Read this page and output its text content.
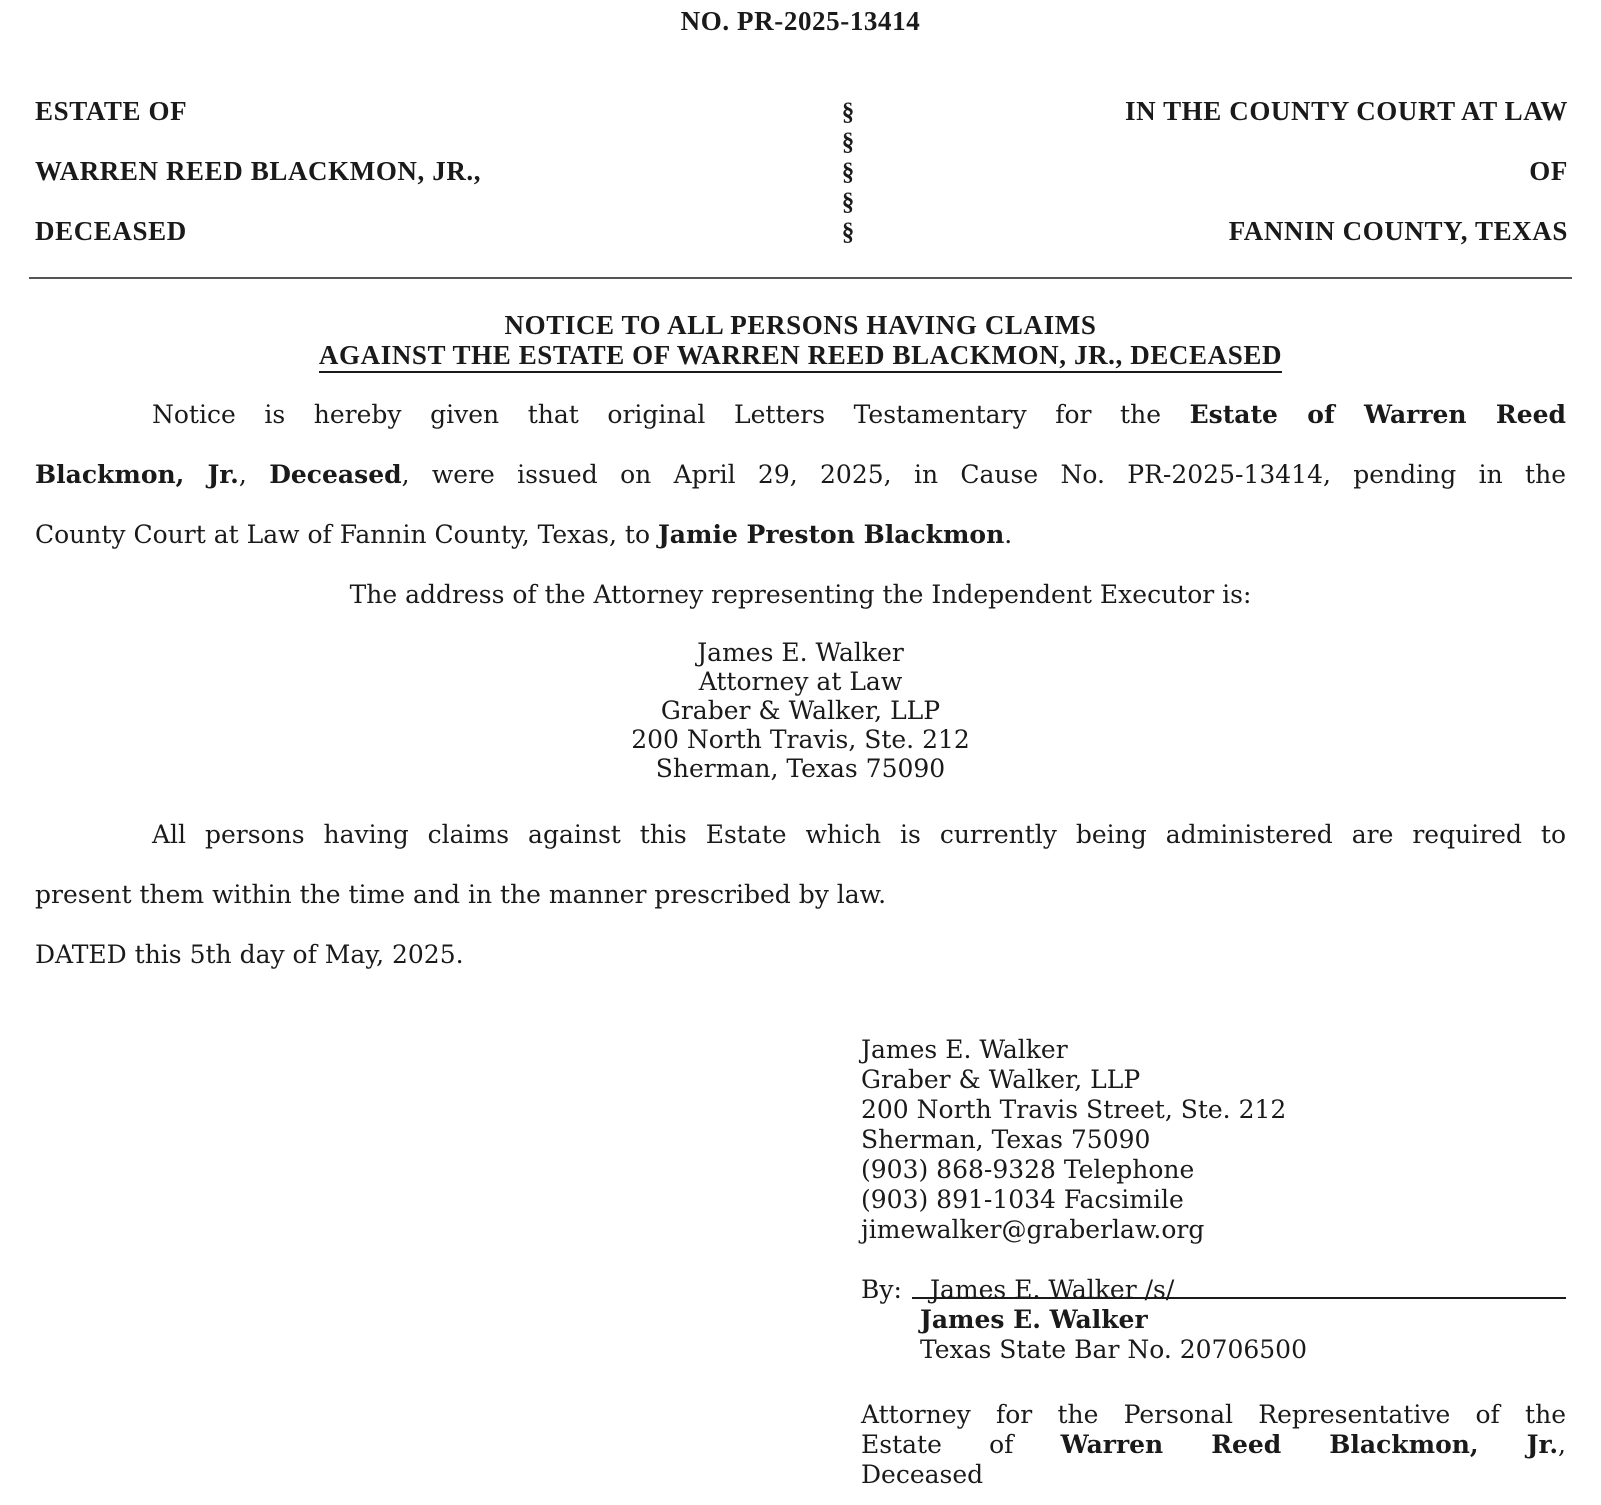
NO. PR-2025-13414
ESTATE OF
WARREN REED BLACKMON, JR.,
DECEASED
§
§
§
§
§
IN THE COUNTY COURT AT LAW
OF
FANNIN COUNTY, TEXAS
NOTICE TO ALL PERSONS HAVING CLAIMS
AGAINST THE ESTATE OF WARREN REED BLACKMON, JR., DECEASED
Notice is hereby given that original Letters Testamentary for the Estate of Warren Reed
Blackmon, Jr., Deceased, were issued on April 29, 2025, in Cause No. PR-2025-13414, pending in the
County Court at Law of Fannin County, Texas, to Jamie Preston Blackmon.
The address of the Attorney representing the Independent Executor is:
James E. Walker
Attorney at Law
Graber & Walker, LLP
200 North Travis, Ste. 212
Sherman, Texas 75090
All persons having claims against this Estate which is currently being administered are required to
present them within the time and in the manner prescribed by law.
DATED this 5th day of May, 2025.
James E. Walker
Graber & Walker, LLP
200 North Travis Street, Ste. 212
Sherman, Texas 75090
(903) 868-9328 Telephone
(903) 891-1034 Facsimile
jimewalker@graberlaw.org
By: James E. Walker /s/
James E. Walker
Texas State Bar No. 20706500
Attorney for the Personal Representative of the
Estate of Warren Reed Blackmon, Jr.,
Deceased
